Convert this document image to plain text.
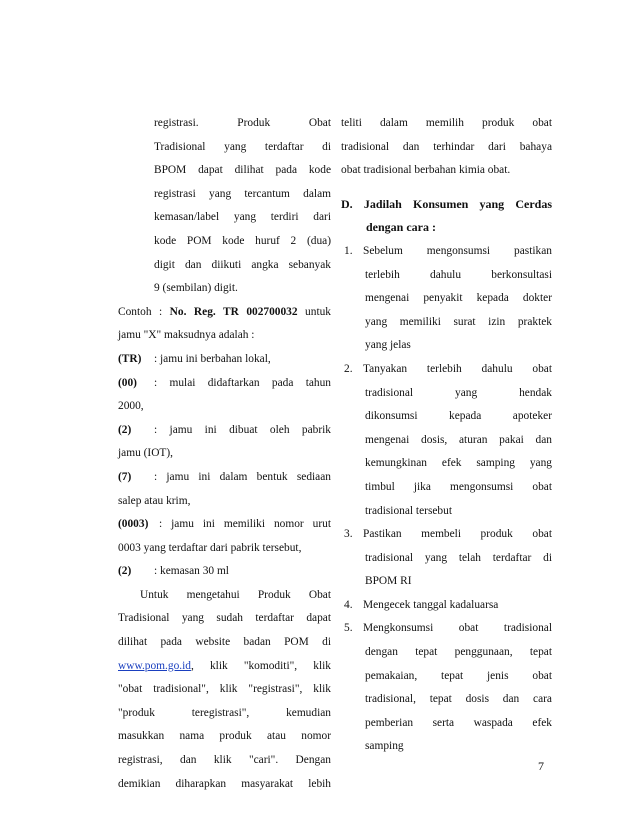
registrasi. Produk Obat
Tradisional yang terdaftar di
BPOM dapat dilihat pada kode
registrasi yang tercantum dalam
kemasan/label yang terdiri dari
kode POM kode huruf 2 (dua)
digit dan diikuti angka sebanyak
9 (sembilan) digit.
Contoh : No. Reg. TR 002700032 untuk
jamu "X" maksudnya adalah :
(TR) : jamu ini berbahan lokal,
(00)	: mulai didaftarkan pada tahun
2000,
(2)	: jamu ini dibuat oleh pabrik
jamu (IOT),
(7)	: jamu ini dalam bentuk sediaan
salep atau krim,
(0003) : jamu ini memiliki nomor urut
0003 yang terdaftar dari pabrik tersebut,
(2) : kemasan 30 ml
Untuk mengetahui Produk Obat
Tradisional yang sudah terdaftar dapat
dilihat pada website badan POM di
www.pom.go.id , klik "komoditi", klik
"obat tradisional", klik "registrasi", klik
"produk teregistrasi", kemudian
masukkan nama produk atau nomor
registrasi, dan klik "cari". Dengan
demikian diharapkan masyarakat lebih
teliti dalam memilih produk obat
tradisional dan terhindar dari bahaya
obat tradisional berbahan kimia obat.
D. Jadilah Konsumen yang Cerdas
dengan cara :
1. Sebelum mengonsumsi pastikan
terlebih dahulu berkonsultasi
mengenai penyakit kepada dokter
yang memiliki surat izin praktek
yang jelas
2. Tanyakan terlebih dahulu obat
tradisional yang hendak
dikonsumsi kepada apoteker
mengenai dosis, aturan pakai dan
kemungkinan efek samping yang
timbul jika mengonsumsi obat
tradisional tersebut
3. Pastikan membeli produk obat
tradisional yang telah terdaftar di
BPOM RI
4. Mengecek tanggal kadaluarsa
5. Mengkonsumsi obat tradisional
dengan tepat penggunaan, tepat
pemakaian, tepat jenis obat
tradisional, tepat dosis dan cara
pemberian serta waspada efek
samping
7
